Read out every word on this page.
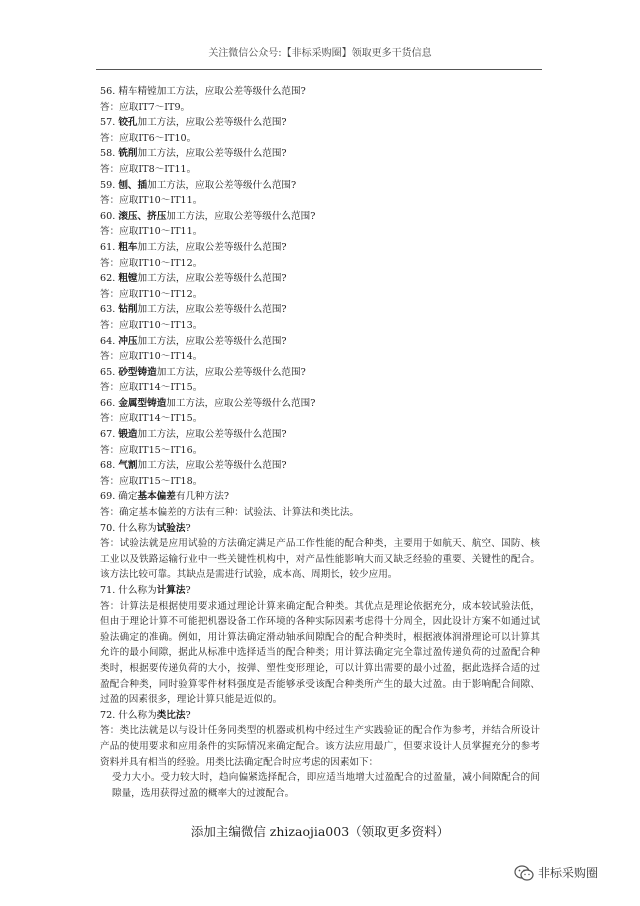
关注微信公众号:【非标采购圈】领取更多干货信息
56. 精车精镗加工方法，应取公差等级什么范围?
答：应取IT7～IT9。
57. 铰孔加工方法，应取公差等级什么范围?
答：应取IT6～IT10。
58. 铣削加工方法，应取公差等级什么范围?
答：应取IT8～IT11。
59. 刨、插加工方法，应取公差等级什么范围?
答：应取IT10～IT11。
60. 滚压、挤压加工方法，应取公差等级什么范围?
答：应取IT10～IT11。
61. 粗车加工方法，应取公差等级什么范围?
答：应取IT10～IT12。
62. 粗镗加工方法，应取公差等级什么范围?
答：应取IT10～IT12。
63. 钻削加工方法，应取公差等级什么范围?
答：应取IT10～IT13。
64. 冲压加工方法，应取公差等级什么范围?
答：应取IT10～IT14。
65. 砂型铸造加工方法，应取公差等级什么范围?
答：应取IT14～IT15。
66. 金属型铸造加工方法，应取公差等级什么范围?
答：应取IT14～IT15。
67. 锻造加工方法，应取公差等级什么范围?
答：应取IT15～IT16。
68. 气割加工方法，应取公差等级什么范围?
答：应取IT15～IT18。
69. 确定基本偏差有几种方法?
答：确定基本偏差的方法有三种：试验法、计算法和类比法。
70. 什么称为试验法?
答：试验法就是应用试验的方法确定满足产品工作性能的配合种类，主要用于如航天、航空、国防、核工业以及铁路运输行业中一些关键性机构中，对产品性能影响大而又缺乏经验的重要、关键性的配合。该方法比较可靠。其缺点是需进行试验，成本高、周期长，较少应用。
71. 什么称为计算法?
答：计算法是根据使用要求通过理论计算来确定配合种类。其优点是理论依据充分，成本较试验法低，但由于理论计算不可能把机器设备工作环境的各种实际因素考虑得十分周全，因此设计方案不如通过试验法确定的准确。例如，用计算法确定滑动轴承间隙配合的配合种类时，根据液体润滑理论可以计算其允许的最小间隙，据此从标准中选择适当的配合种类；用计算法确定完全靠过盈传递负荷的过盈配合种类时，根据要传递负荷的大小，按弹、塑性变形理论，可以计算出需要的最小过盈，据此选择合适的过盈配合种类，同时验算零件材料强度是否能够承受该配合种类所产生的最大过盈。由于影响配合间隙、过盈的因素很多，理论计算只能是近似的。
72. 什么称为类比法?
答：类比法就是以与设计任务同类型的机器或机构中经过生产实践验证的配合作为参考，并结合所设计产品的使用要求和应用条件的实际情况来确定配合。该方法应用最广，但要求设计人员掌握充分的参考资料并具有相当的经验。用类比法确定配合时应考虑的因素如下：
受力大小。受力较大时，趋向偏紧选择配合，即应适当地增大过盈配合的过盈量，减小间隙配合的间隙量，选用获得过盈的概率大的过渡配合。
添加主编微信 zhizaojia003（领取更多资料）
非标采购圈
